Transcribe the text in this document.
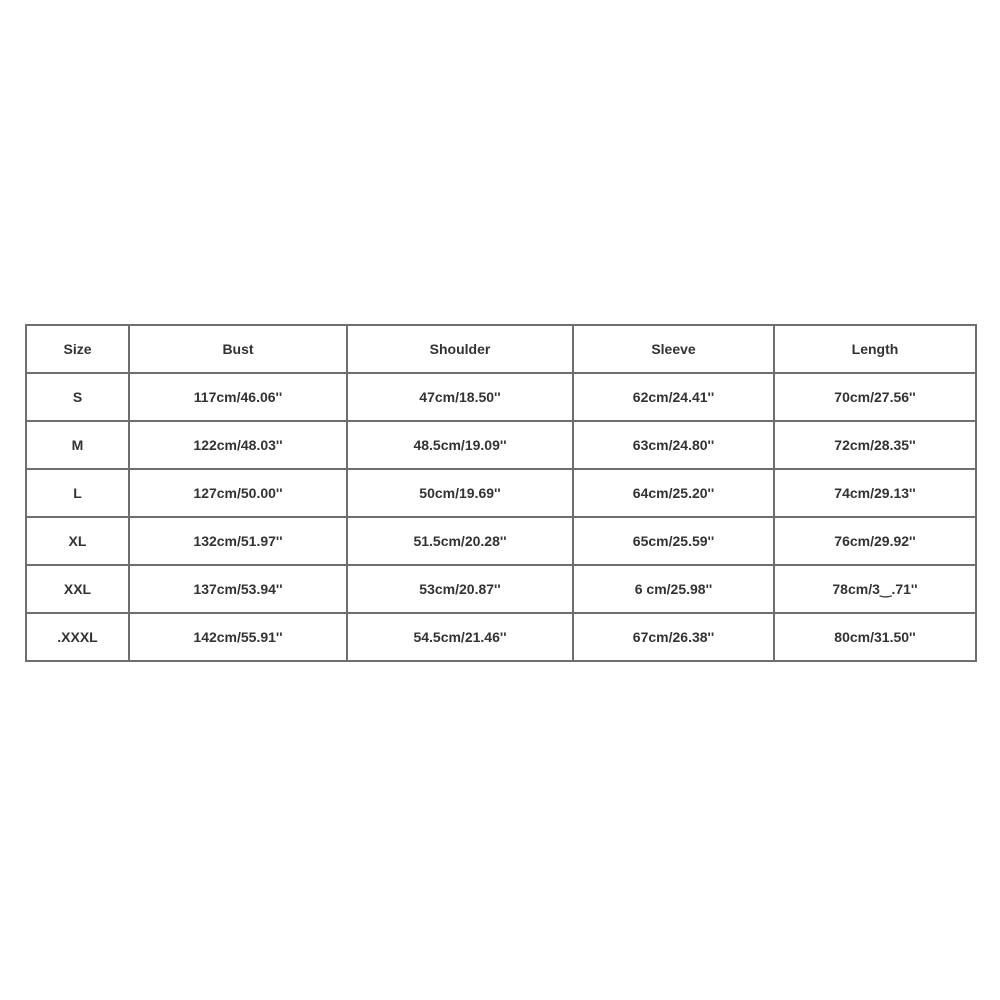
Size	Bust	Shoulder	Sleeve	Length
S	117cm/46.06''	47cm/18.50''	62cm/24.41''	70cm/27.56''
M	122cm/48.03''	48.5cm/19.09''	63cm/24.80''	72cm/28.35''
L	127cm/50.00''	50cm/19.69''	64cm/25.20''	74cm/29.13''
XL	132cm/51.97''	51.5cm/20.28''	65cm/25.59''	76cm/29.92''
XXL	137cm/53.94''	53cm/20.87''	6 cm/25.98''	78cm/3‿.71''
.XXXL	142cm/55.91''	54.5cm/21.46''	67cm/26.38''	80cm/31.50''
